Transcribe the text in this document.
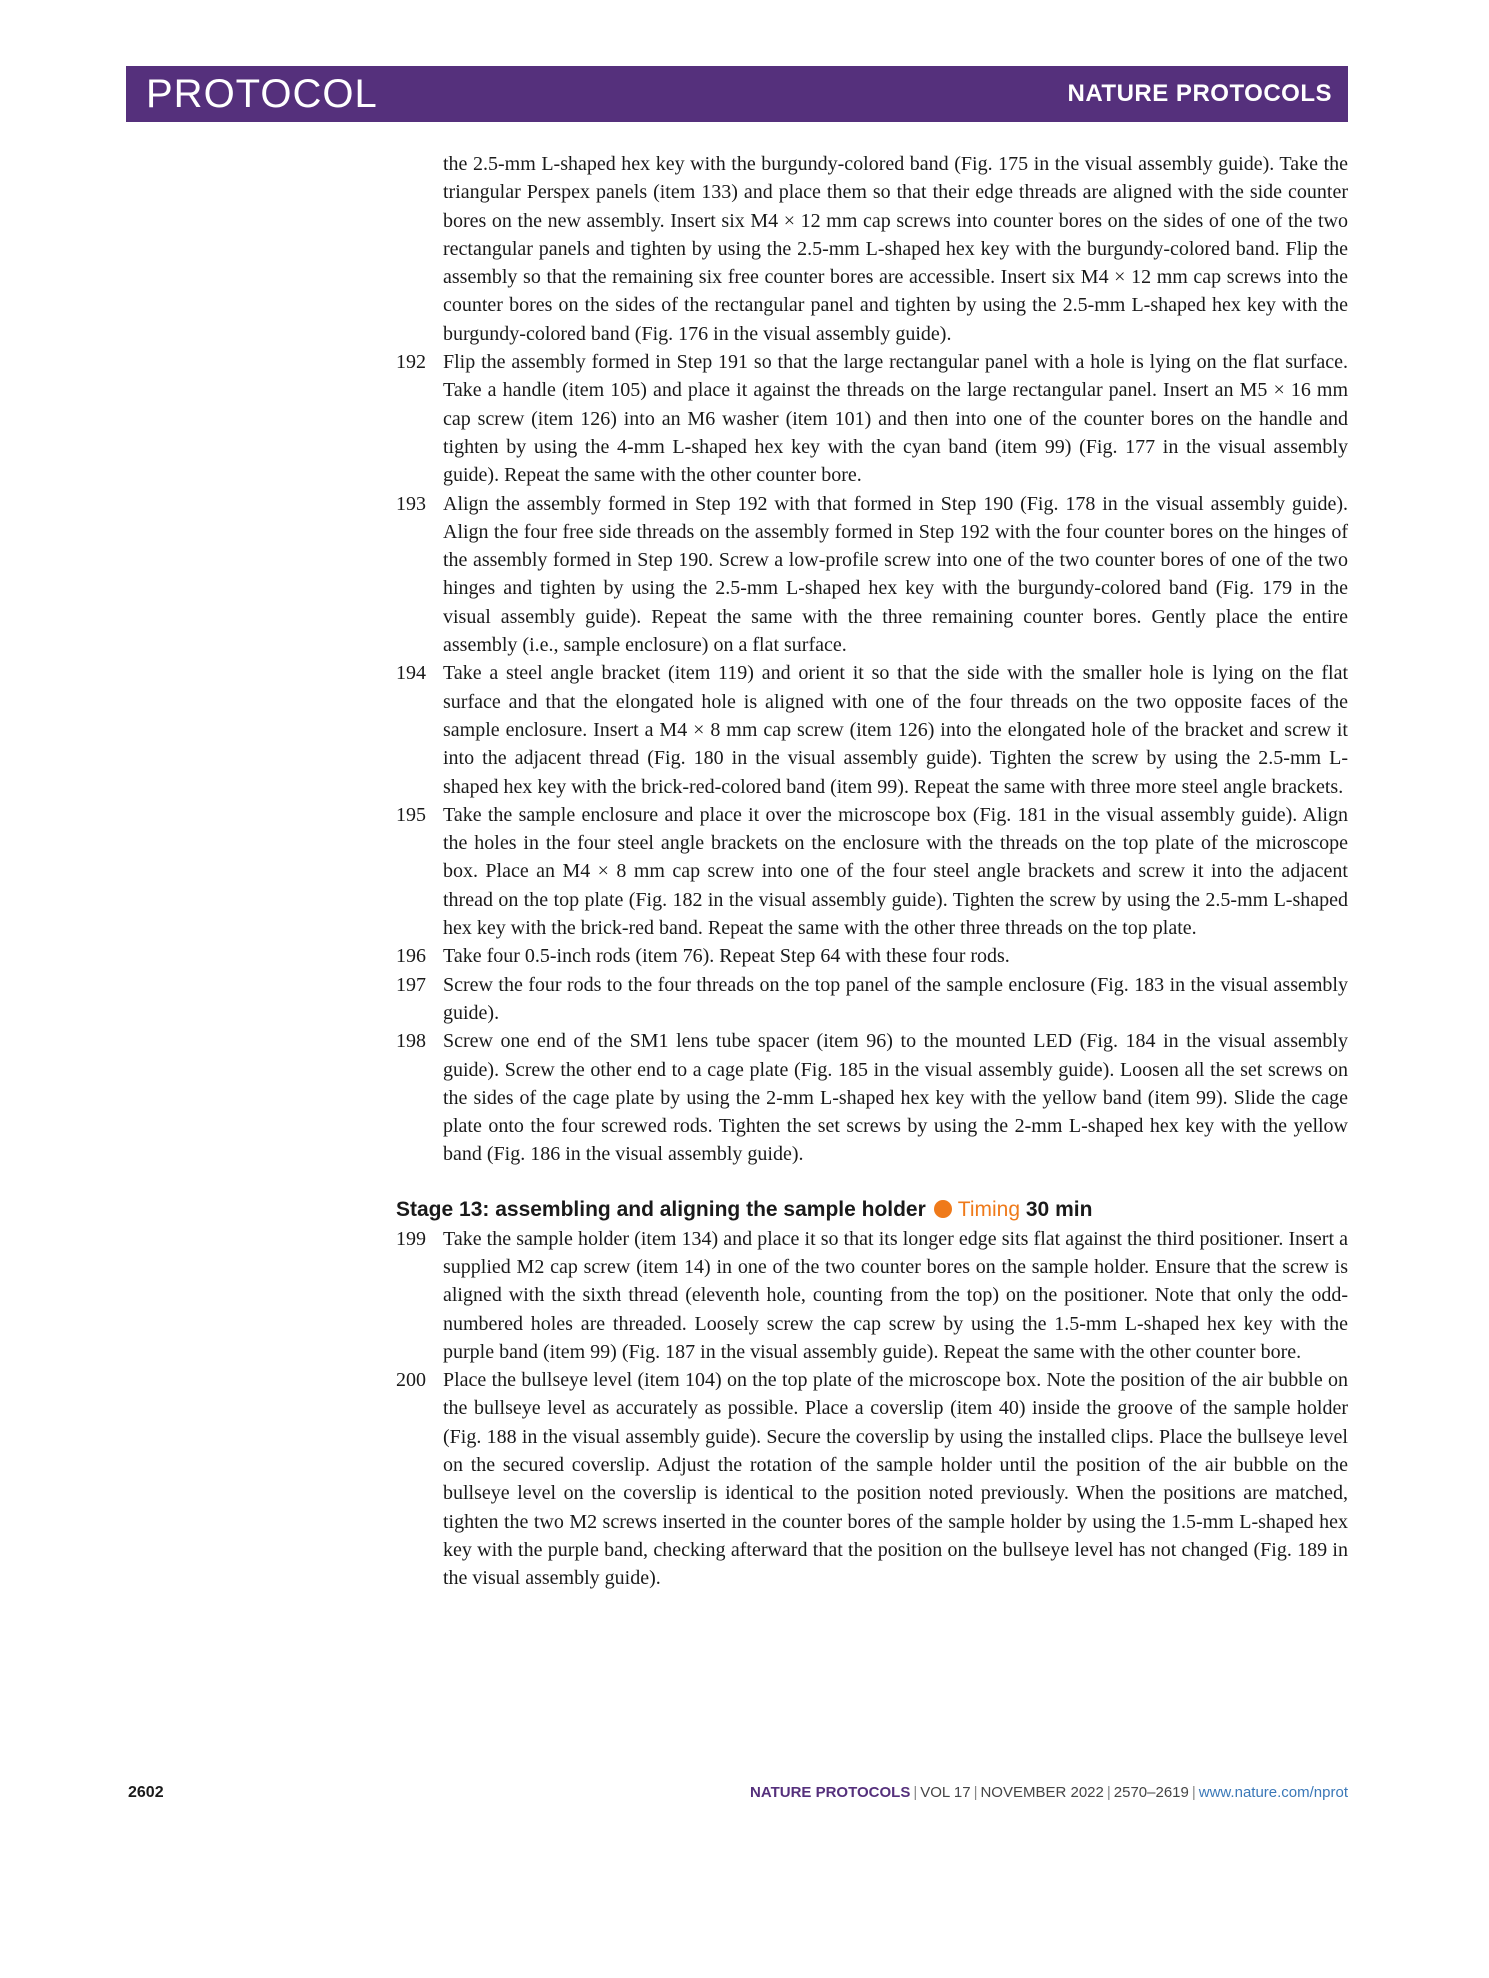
PROTOCOL	NATURE PROTOCOLS

the 2.5-mm L-shaped hex key with the burgundy-colored band (Fig. 175 in the visual assembly guide). Take the triangular Perspex panels (item 133) and place them so that their edge threads are aligned with the side counter bores on the new assembly. Insert six M4 × 12 mm cap screws into counter bores on the sides of one of the two rectangular panels and tighten by using the 2.5-mm L-shaped hex key with the burgundy-colored band. Flip the assembly so that the remaining six free counter bores are accessible. Insert six M4 × 12 mm cap screws into the counter bores on the sides of the rectangular panel and tighten by using the 2.5-mm L-shaped hex key with the burgundy-colored band (Fig. 176 in the visual assembly guide).

192 Flip the assembly formed in Step 191 so that the large rectangular panel with a hole is lying on the flat surface. Take a handle (item 105) and place it against the threads on the large rectangular panel. Insert an M5 × 16 mm cap screw (item 126) into an M6 washer (item 101) and then into one of the counter bores on the handle and tighten by using the 4-mm L-shaped hex key with the cyan band (item 99) (Fig. 177 in the visual assembly guide). Repeat the same with the other counter bore.
193 Align the assembly formed in Step 192 with that formed in Step 190 (Fig. 178 in the visual assembly guide). Align the four free side threads on the assembly formed in Step 192 with the four counter bores on the hinges of the assembly formed in Step 190. Screw a low-profile screw into one of the two counter bores of one of the two hinges and tighten by using the 2.5-mm L-shaped hex key with the burgundy-colored band (Fig. 179 in the visual assembly guide). Repeat the same with the three remaining counter bores. Gently place the entire assembly (i.e., sample enclosure) on a flat surface.
194 Take a steel angle bracket (item 119) and orient it so that the side with the smaller hole is lying on the flat surface and that the elongated hole is aligned with one of the four threads on the two opposite faces of the sample enclosure. Insert a M4 × 8 mm cap screw (item 126) into the elongated hole of the bracket and screw it into the adjacent thread (Fig. 180 in the visual assembly guide). Tighten the screw by using the 2.5-mm L-shaped hex key with the brick-red-colored band (item 99). Repeat the same with three more steel angle brackets.
195 Take the sample enclosure and place it over the microscope box (Fig. 181 in the visual assembly guide). Align the holes in the four steel angle brackets on the enclosure with the threads on the top plate of the microscope box. Place an M4 × 8 mm cap screw into one of the four steel angle brackets and screw it into the adjacent thread on the top plate (Fig. 182 in the visual assembly guide). Tighten the screw by using the 2.5-mm L-shaped hex key with the brick-red band. Repeat the same with the other three threads on the top plate.
196 Take four 0.5-inch rods (item 76). Repeat Step 64 with these four rods.
197 Screw the four rods to the four threads on the top panel of the sample enclosure (Fig. 183 in the visual assembly guide).
198 Screw one end of the SM1 lens tube spacer (item 96) to the mounted LED (Fig. 184 in the visual assembly guide). Screw the other end to a cage plate (Fig. 185 in the visual assembly guide). Loosen all the set screws on the sides of the cage plate by using the 2-mm L-shaped hex key with the yellow band (item 99). Slide the cage plate onto the four screwed rods. Tighten the set screws by using the 2-mm L-shaped hex key with the yellow band (Fig. 186 in the visual assembly guide).
Stage 13: assembling and aligning the sample holder Timing 30 min
199 Take the sample holder (item 134) and place it so that its longer edge sits flat against the third positioner. Insert a supplied M2 cap screw (item 14) in one of the two counter bores on the sample holder. Ensure that the screw is aligned with the sixth thread (eleventh hole, counting from the top) on the positioner. Note that only the odd-numbered holes are threaded. Loosely screw the cap screw by using the 1.5-mm L-shaped hex key with the purple band (item 99) (Fig. 187 in the visual assembly guide). Repeat the same with the other counter bore.
200 Place the bullseye level (item 104) on the top plate of the microscope box. Note the position of the air bubble on the bullseye level as accurately as possible. Place a coverslip (item 40) inside the groove of the sample holder (Fig. 188 in the visual assembly guide). Secure the coverslip by using the installed clips. Place the bullseye level on the secured coverslip. Adjust the rotation of the sample holder until the position of the air bubble on the bullseye level on the coverslip is identical to the position noted previously. When the positions are matched, tighten the two M2 screws inserted in the counter bores of the sample holder by using the 1.5-mm L-shaped hex key with the purple band, checking afterward that the position on the bullseye level has not changed (Fig. 189 in the visual assembly guide).
2602	NATURE PROTOCOLS | VOL 17 | NOVEMBER 2022 | 2570–2619 | www.nature.com/nprot
